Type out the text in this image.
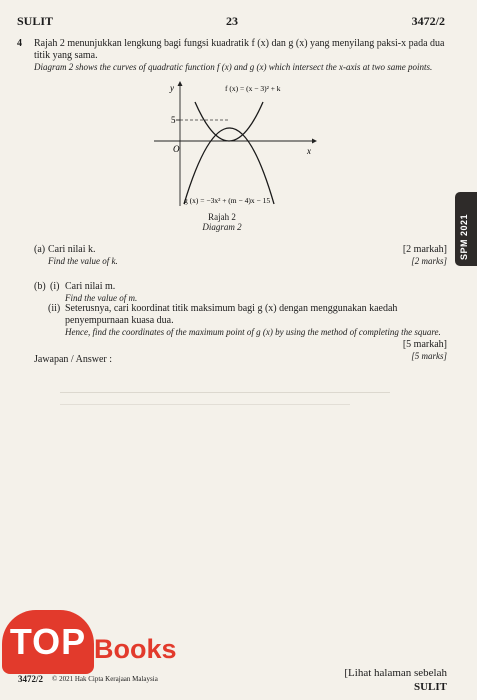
SULIT	23	3472/2
4 Rajah 2 menunjukkan lengkung bagi fungsi kuadratik f (x) dan g (x) yang menyilang paksi-x pada dua titik yang sama.
Diagram 2 shows the curves of quadratic function f (x) and g (x) which intersect the x-axis at two same points.
y
x
O
5
f (x) = (x − 3)² + k
g (x) = −3x² + (m − 4)x − 15
Rajah 2
Diagram 2
(a) Cari nilai k.
Find the value of k.
[2 markah]
[2 marks]
(b) (i) Cari nilai m.
Find the value of m.
(ii) Seterusnya, cari koordinat titik maksimum bagi g (x) dengan menggunakan kaedah penyempurnaan kuasa dua.
Hence, find the coordinates of the maximum point of g (x) by using the method of completing the square.
[5 markah]
[5 marks]
Jawapan / Answer :
SPM 2021
TOP Books
3472/2 © 2021 Hak Cipta Kerajaan Malaysia	[Lihat halaman sebelah
SULIT
